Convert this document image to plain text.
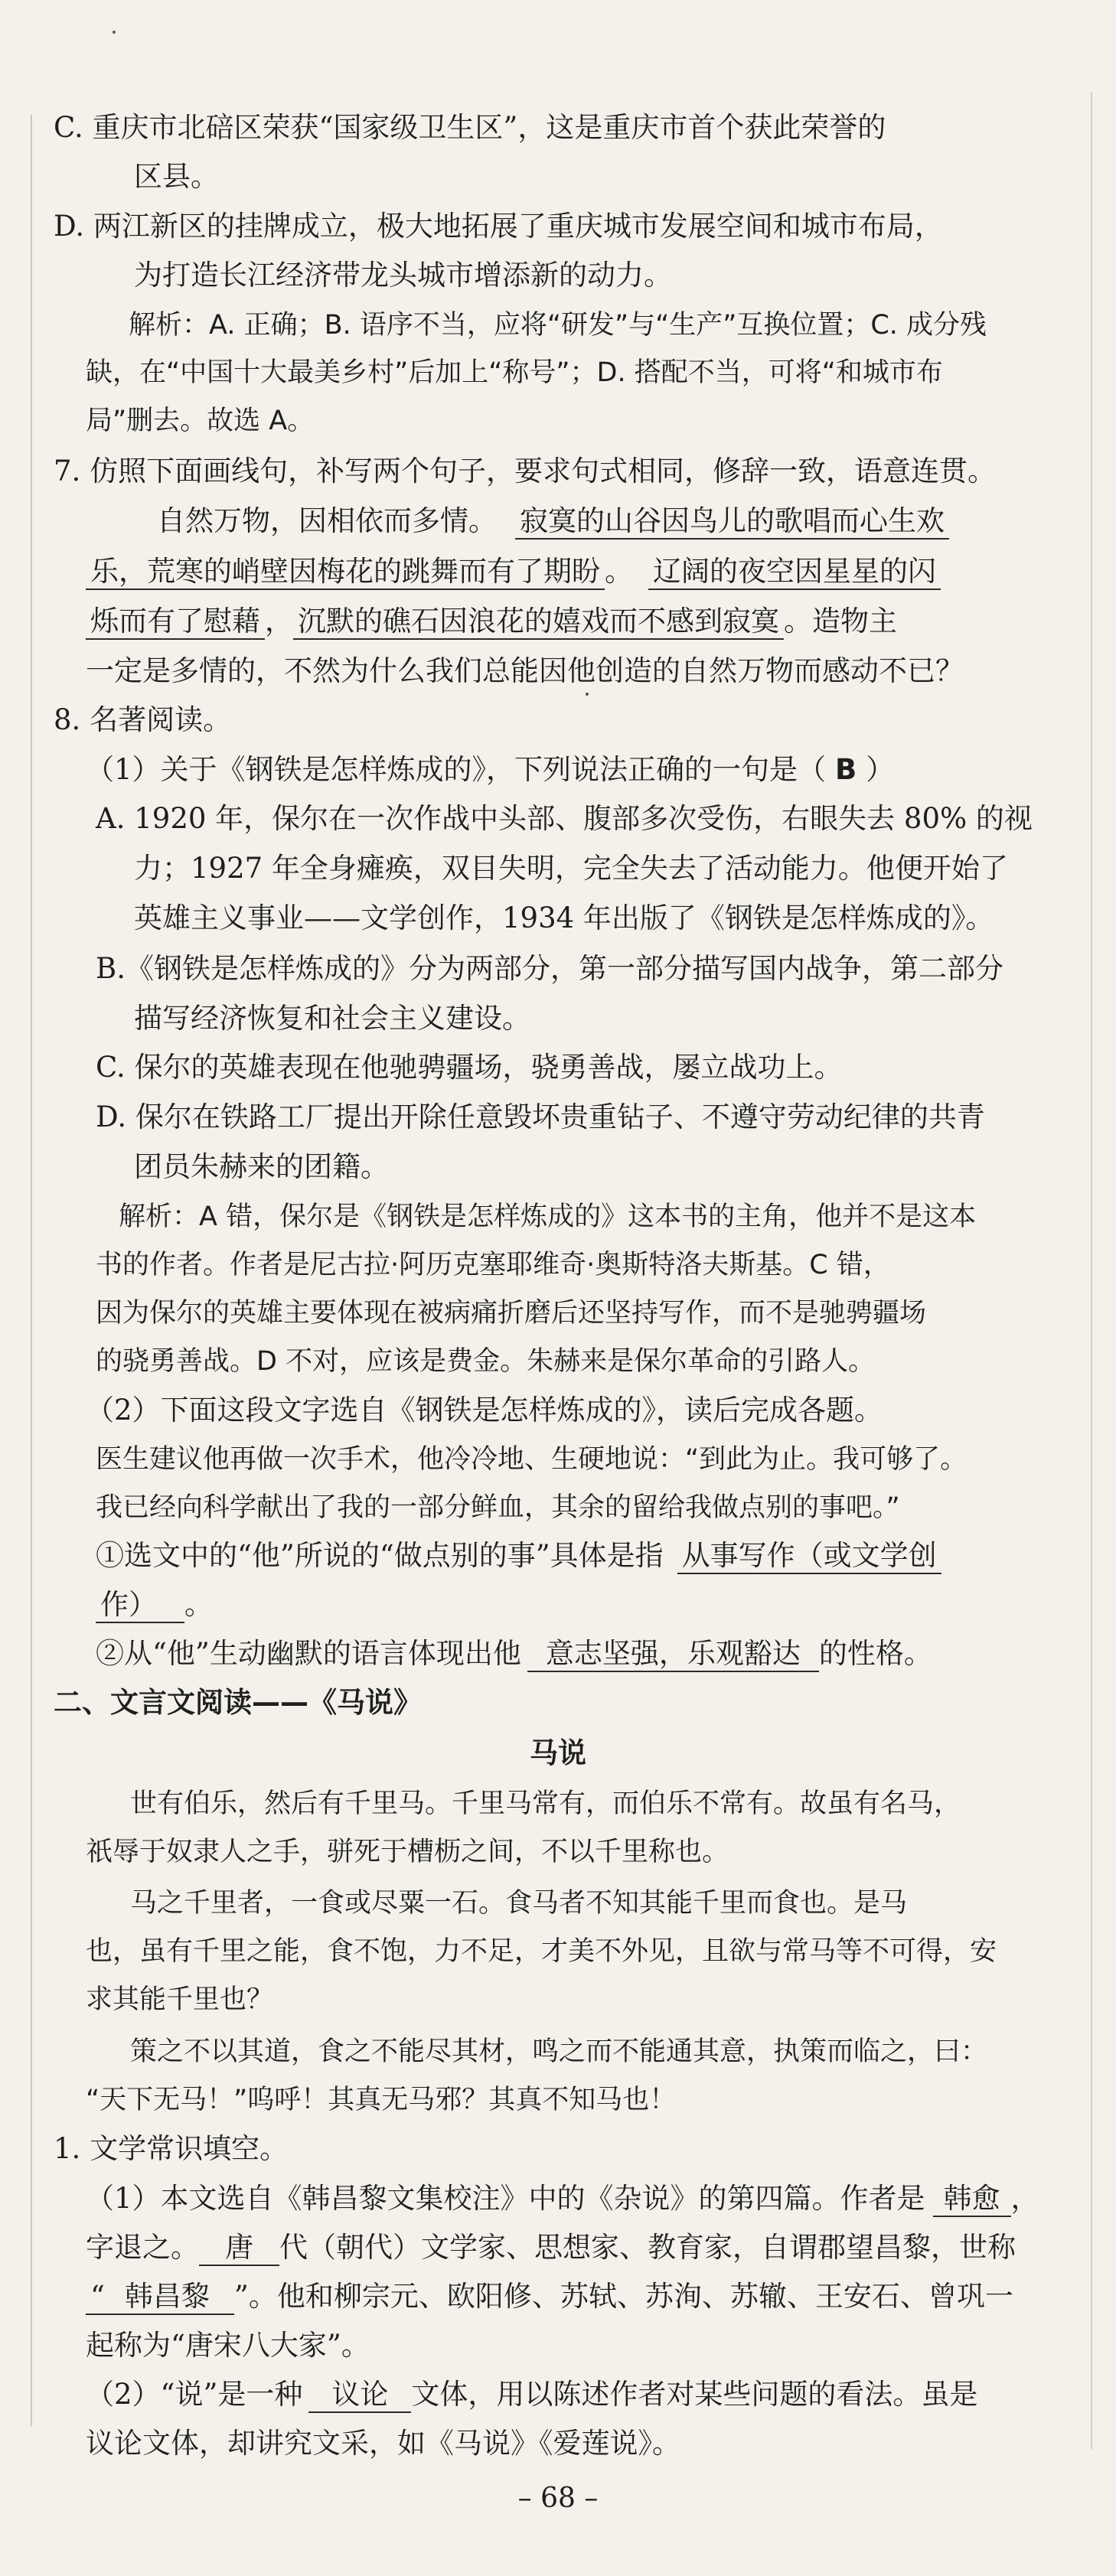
C. 重庆市北碚区荣获“国家级卫生区”，这是重庆市首个获此荣誉的
区县。
D. 两江新区的挂牌成立，极大地拓展了重庆城市发展空间和城市布局，
为打造长江经济带龙头城市增添新的动力。
解析：A. 正确；B. 语序不当，应将“研发”与“生产”互换位置；C. 成分残
缺，在“中国十大最美乡村”后加上“称号”；D. 搭配不当，可将“和城市布
局”删去。故选 A。
7. 仿照下面画线句，补写两个句子，要求句式相同，修辞一致，语意连贯。
自然万物，因相依而多情。 寂寞的山谷因鸟儿的歌唱而心生欢
乐，荒寒的峭壁因梅花的跳舞而有了期盼 。 辽阔的夜空因星星的闪
烁而有了慰藉 ， 沉默的礁石因浪花的嬉戏而不感到寂寞 。造物主
一定是多情的，不然为什么我们总能因他创造的自然万物而感动不已？
8. 名著阅读。
（1）关于《钢铁是怎样炼成的》，下列说法正确的一句是（ B ）
A. 1920 年，保尔在一次作战中头部、腹部多次受伤，右眼失去 80% 的视
力；1927 年全身瘫痪，双目失明，完全失去了活动能力。他便开始了
英雄主义事业——文学创作，1934 年出版了《钢铁是怎样炼成的》。
B.《钢铁是怎样炼成的》分为两部分，第一部分描写国内战争，第二部分
描写经济恢复和社会主义建设。
C. 保尔的英雄表现在他驰骋疆场，骁勇善战，屡立战功上。
D. 保尔在铁路工厂提出开除任意毁坏贵重钻子、不遵守劳动纪律的共青
团员朱赫来的团籍。
解析：A 错，保尔是《钢铁是怎样炼成的》这本书的主角，他并不是这本
书的作者。作者是尼古拉·阿历克塞耶维奇·奥斯特洛夫斯基。C 错，
因为保尔的英雄主要体现在被病痛折磨后还坚持写作，而不是驰骋疆场
的骁勇善战。D 不对，应该是费金。朱赫来是保尔革命的引路人。
（2）下面这段文字选自《钢铁是怎样炼成的》，读后完成各题。
医生建议他再做一次手术，他冷冷地、生硬地说：“到此为止。我可够了。
我已经向科学献出了我的一部分鲜血，其余的留给我做点别的事吧。”
①选文中的“他”所说的“做点别的事”具体是指 从事写作（或文学创
作） 。
②从“他”生动幽默的语言体现出他 意志坚强，乐观豁达 的性格。
二、文言文阅读——《马说》
马说
世有伯乐，然后有千里马。千里马常有，而伯乐不常有。故虽有名马，
祇辱于奴隶人之手，骈死于槽枥之间，不以千里称也。
马之千里者，一食或尽粟一石。食马者不知其能千里而食也。是马
也，虽有千里之能，食不饱，力不足，才美不外见，且欲与常马等不可得，安
求其能千里也？
策之不以其道，食之不能尽其材，鸣之而不能通其意，执策而临之，曰：
“天下无马！”呜呼！其真无马邪？其真不知马也！
1. 文学常识填空。
（1）本文选自《韩昌黎文集校注》中的《杂说》的第四篇。作者是 韩愈 ，
字退之。 唐 代（朝代）文学家、思想家、教育家，自谓郡望昌黎，世称
“ 韩昌黎 ”。他和柳宗元、欧阳修、苏轼、苏洵、苏辙、王安石、曾巩一
起称为“唐宋八大家”。
（2）“说”是一种 议论 文体，用以陈述作者对某些问题的看法。虽是
议论文体，却讲究文采，如《马说》《爱莲说》。
– 68 –
